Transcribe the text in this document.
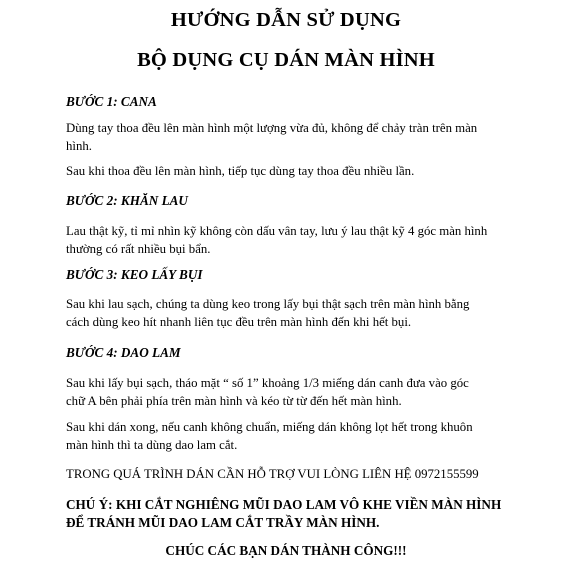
HƯỚNG DẪN SỬ DỤNG
BỘ DỤNG CỤ DÁN MÀN HÌNH
BƯỚC 1: CANA
Dùng tay thoa đều lên màn hình một lượng vừa đủ, không để chảy tràn trên màn
hình.
Sau khi thoa đều lên màn hình, tiếp tục dùng tay thoa đều nhiều lần.
BƯỚC 2: KHĂN LAU
Lau thật kỹ, tỉ mỉ nhìn kỹ không còn dấu vân tay, lưu ý lau thật kỹ 4 góc màn hình
thường có rất nhiều bụi bẩn.
BƯỚC 3: KEO LẤY BỤI
Sau khi lau sạch, chúng ta dùng keo trong lấy bụi thật sạch trên màn hình bằng
cách dùng keo hít nhanh liên tục đều trên màn hình đến khi hết bụi.
BƯỚC 4: DAO LAM
Sau khi lấy bụi sạch, tháo mặt “ số 1” khoảng 1/3 miếng dán canh đưa vào góc
chữ A bên phải phía trên màn hình và kéo từ từ đến hết màn hình.
Sau khi dán xong, nếu canh không chuẩn, miếng dán không lọt hết trong khuôn
màn hình thì ta dùng dao lam cắt.
TRONG QUÁ TRÌNH DÁN CẦN HỖ TRỢ VUI LÒNG LIÊN HỆ 0972155599
CHÚ Ý: KHI CẮT NGHIÊNG MŨI DAO LAM VÔ KHE VIỀN MÀN HÌNH
ĐỂ TRÁNH MŨI DAO LAM CẮT TRẦY MÀN HÌNH.
CHÚC CÁC BẠN DÁN THÀNH CÔNG!!!
